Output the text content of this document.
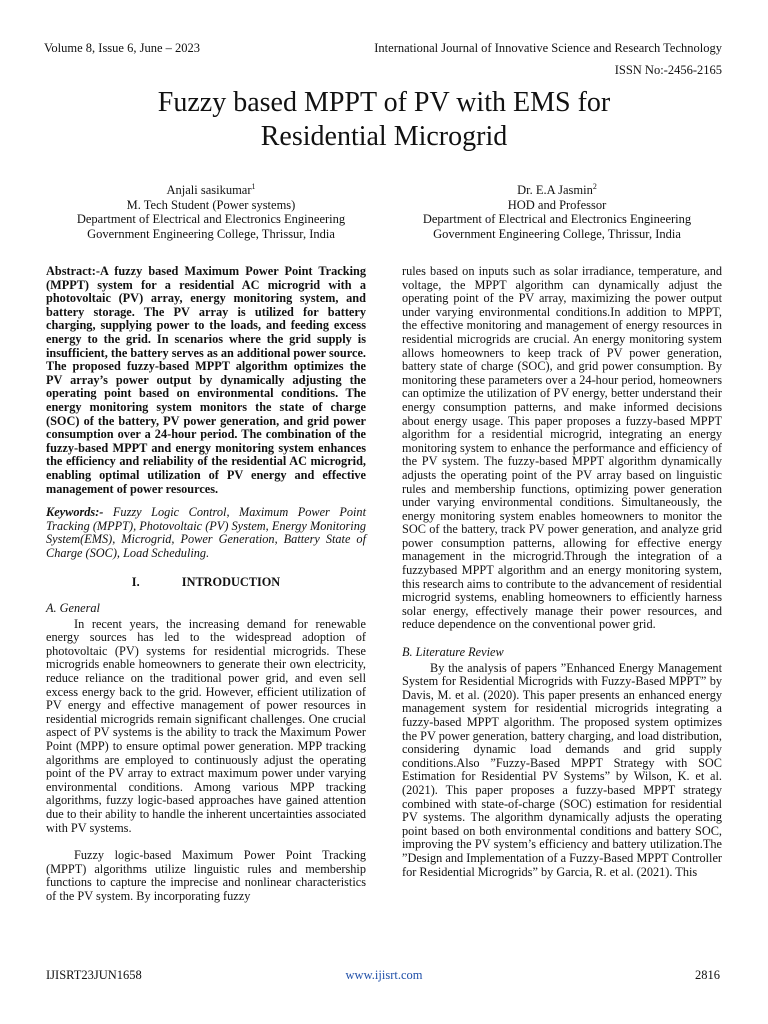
Volume 8, Issue 6, June – 2023	International Journal of Innovative Science and Research Technology
ISSN No:-2456-2165
Fuzzy based MPPT of PV with EMS for
Residential Microgrid
Anjali sasikumar$^1$
M. Tech Student (Power systems)
Department of Electrical and Electronics Engineering
Government Engineering College, Thrissur, India
Dr. E.A Jasmin$^2$
HOD and Professor
Department of Electrical and Electronics Engineering
Government Engineering College, Thrissur, India

Abstract:-A fuzzy based Maximum Power Point Tracking (MPPT) system for a residential AC microgrid with a photovoltaic (PV) array, energy monitoring system, and battery storage. The PV array is utilized for battery charging, supplying power to the loads, and feeding excess energy to the grid. In scenarios where the grid supply is insufficient, the battery serves as an additional power source. The proposed fuzzy-based MPPT algorithm optimizes the PV array’s power output by dynamically adjusting the operating point based on environmental conditions. The energy monitoring system monitors the state of charge (SOC) of the battery, PV power generation, and grid power consumption over a 24-hour period. The combination of the fuzzy-based MPPT and energy monitoring system enhances the efficiency and reliability of the residential AC microgrid, enabling optimal utilization of PV energy and effective management of power resources.

Keywords:- Fuzzy Logic Control, Maximum Power Point Tracking (MPPT), Photovoltaic (PV) System, Energy Monitoring System(EMS), Microgrid, Power Generation, Battery State of Charge (SOC), Load Scheduling.

I.	INTRODUCTION

A. General

In recent years, the increasing demand for renewable energy sources has led to the widespread adoption of photovoltaic (PV) systems for residential microgrids. These microgrids enable homeowners to generate their own electricity, reduce reliance on the traditional power grid, and even sell excess energy back to the grid. However, efficient utilization of PV energy and effective management of power resources in residential microgrids remain significant challenges. One crucial aspect of PV systems is the ability to track the Maximum Power Point (MPP) to ensure optimal power generation. MPP tracking algorithms are employed to continuously adjust the operating point of the PV array to extract maximum power under varying environmental conditions. Among various MPP tracking algorithms, fuzzy logic-based approaches have gained attention due to their ability to handle the inherent uncertainties associated with PV systems.

Fuzzy logic-based Maximum Power Point Tracking (MPPT) algorithms utilize linguistic rules and membership functions to capture the imprecise and nonlinear characteristics of the PV system. By incorporating fuzzy

rules based on inputs such as solar irradiance, temperature, and voltage, the MPPT algorithm can dynamically adjust the operating point of the PV array, maximizing the power output under varying environmental conditions.In addition to MPPT, the effective monitoring and management of energy resources in residential microgrids are crucial. An energy monitoring system allows homeowners to keep track of PV power generation, battery state of charge (SOC), and grid power consumption. By monitoring these parameters over a 24-hour period, homeowners can optimize the utilization of PV energy, better understand their energy consumption patterns, and make informed decisions about energy usage. This paper proposes a fuzzy-based MPPT algorithm for a residential microgrid, integrating an energy monitoring system to enhance the performance and efficiency of the PV system. The fuzzy-based MPPT algorithm dynamically adjusts the operating point of the PV array based on linguistic rules and membership functions, optimizing power generation under varying environmental conditions. Simultaneously, the energy monitoring system enables homeowners to monitor the SOC of the battery, track PV power generation, and analyze grid power consumption patterns, allowing for effective energy management in the microgrid.Through the integration of a fuzzybased MPPT algorithm and an energy monitoring system, this research aims to contribute to the advancement of residential microgrid systems, enabling homeowners to efficiently harness solar energy, effectively manage their power resources, and reduce dependence on the conventional power grid.

B. Literature Review

By the analysis of papers ”Enhanced Energy Management System for Residential Microgrids with Fuzzy-Based MPPT” by Davis, M. et al. (2020). This paper presents an enhanced energy management system for residential microgrids integrating a fuzzy-based MPPT algorithm. The proposed system optimizes the PV power generation, battery charging, and load distribution, considering dynamic load demands and grid supply conditions.Also ”Fuzzy-Based MPPT Strategy with SOC Estimation for Residential PV Systems” by Wilson, K. et al. (2021). This paper proposes a fuzzy-based MPPT strategy combined with state-of-charge (SOC) estimation for residential PV systems. The algorithm dynamically adjusts the operating point based on both environmental conditions and battery SOC, improving the PV system’s efficiency and battery utilization.The ”Design and Implementation of a Fuzzy-Based MPPT Controller for Residential Microgrids” by Garcia, R. et al. (2021). This

IJISRT23JUN1658	www.ijisrt.com	2816
